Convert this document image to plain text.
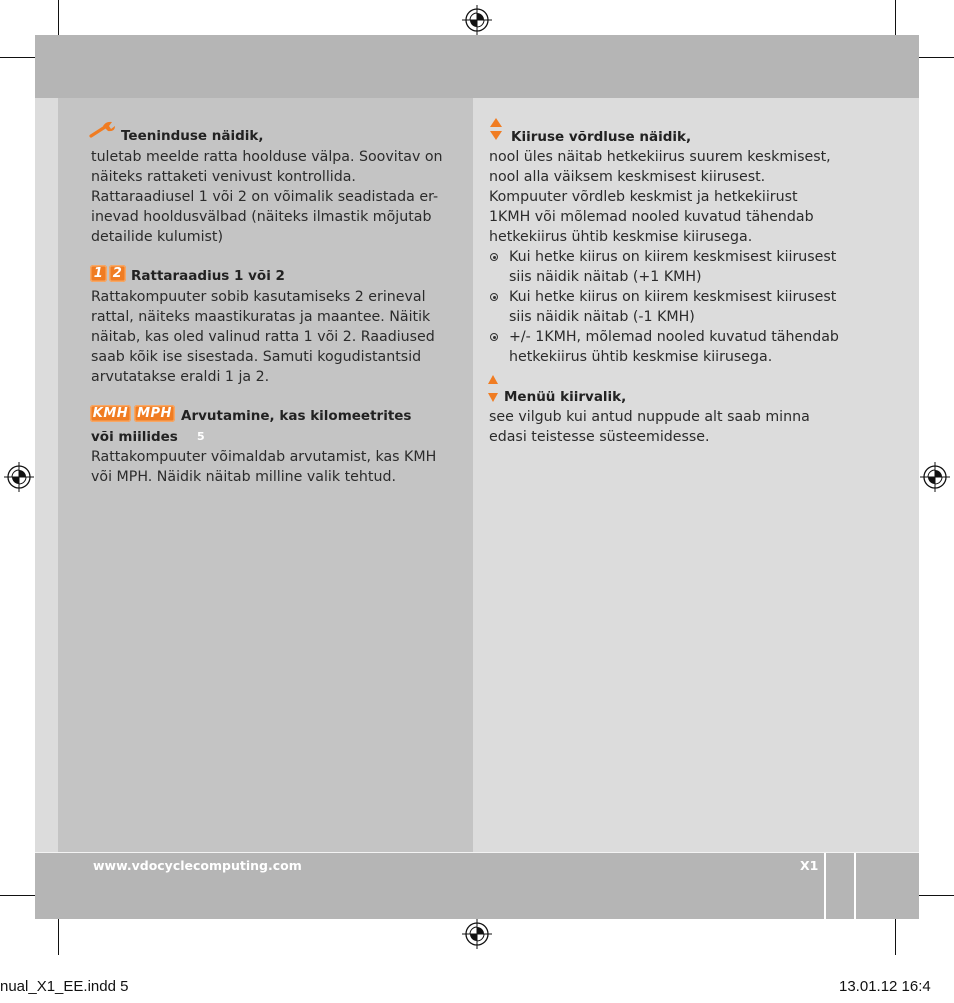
Teeninduse näidik,
tuletab meelde ratta hoolduse välpa. Soovitav on
näiteks rattaketi venivust kontrollida.
Rattaraadiusel 1 või 2 on võimalik seadistada er-
inevad hooldusvälbad (näiteks ilmastik mõjutab
detailide kulumist)
1 2 Rattaraadius 1 või 2
Rattakompuuter sobib kasutamiseks 2 erineval
rattal, näiteks maastikuratas ja maantee. Näitik
näitab, kas oled valinud ratta 1 või 2. Raadiused
saab kõik ise sisestada. Samuti kogudistantsid
arvutatakse eraldi 1 ja 2.
KMH MPH Arvutamine, kas kilomeetrites
või miilides 5
Rattakompuuter võimaldab arvutamist, kas KMH
või MPH. Näidik näitab milline valik tehtud.
Kiiruse võrdluse näidik,
nool üles näitab hetkekiirus suurem keskmisest,
nool alla väiksem keskmisest kiirusest.
Kompuuter võrdleb keskmist ja hetkekiirust
1KMH või mõlemad nooled kuvatud tähendab
hetkekiirus ühtib keskmise kiirusega.
Kui hetke kiirus on kiirem keskmisest kiirusest
siis näidik näitab (+1 KMH)
Kui hetke kiirus on kiirem keskmisest kiirusest
siis näidik näitab (-1 KMH)
+/- 1KMH, mõlemad nooled kuvatud tähendab
hetkekiirus ühtib keskmise kiirusega.
Menüü kiirvalik,
see vilgub kui antud nuppude alt saab minna
edasi teistesse süsteemidesse.
www.vdocyclecomputing.com	X1
nual_X1_EE.indd 5	13.01.12 16:4
